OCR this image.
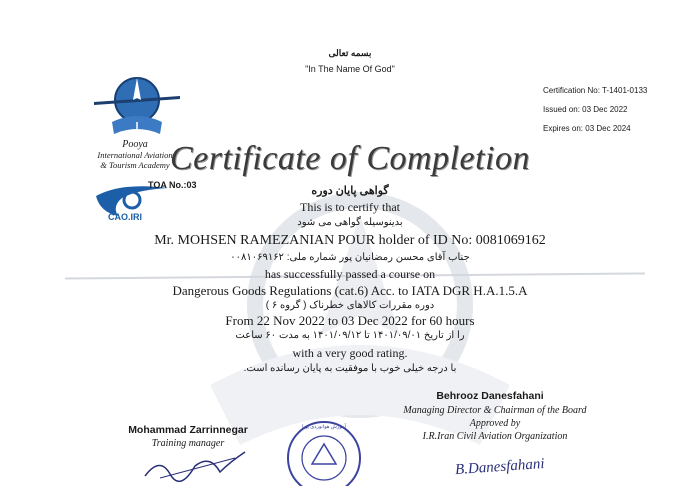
بسمه تعالی
"In The Name Of God"
Pooya
International Aviation
& Tourism Academy
TOA No.:03
CAO.IRI
Certification No: T-1401-0133
Issued on: 03 Dec 2022
Expires on: 03 Dec 2024
Certificate of Completion
گواهی پایان دوره
This is to certify that
بدینوسیله گواهی می شود
Mr. MOHSEN RAMEZANIAN POUR holder of ID No: 0081069162
جناب آقای محسن رمضانیان پور شماره ملی: ۰۰۸۱۰۶۹۱۶۲
has successfully passed a course on
Dangerous Goods Regulations (cat.6) Acc. to IATA DGR H.A.1.5.A
دوره مقررات کالاهای خطرناک ( گروه ۶ )
From 22 Nov 2022 to 03 Dec 2022 for 60 hours
را از تاریخ ۱۴۰۱/۰۹/۰۱ تا ۱۴۰۱/۰۹/۱۲ به مدت ۶۰ ساعت
with a very good rating.
با درجه خیلی خوب با موفقیت به پایان رسانده است.
Behrooz Danesfahani
Managing Director & Chairman of the Board
Approved by
I.R.Iran Civil Aviation Organization
B.Danesfahani
Mohammad Zarrinnegar
Training manager
آموزش هوانوردی پویا
